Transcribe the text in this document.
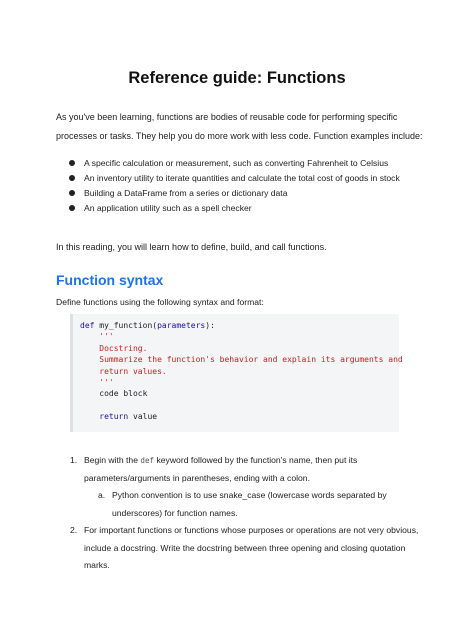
Reference guide: Functions

As you've been learning, functions are bodies of reusable code for performing specific processes or tasks. They help you do more work with less code. Function examples include:

A specific calculation or measurement, such as converting Fahrenheit to Celsius
An inventory utility to iterate quantities and calculate the total cost of goods in stock
Building a DataFrame from a series or dictionary data
An application utility such as a spell checker

In this reading, you will learn how to define, build, and call functions.

Function syntax

Define functions using the following syntax and format:

def my_function(parameters):
'''
Docstring.
Summarize the function's behavior and explain its arguments and
return values.
'''
code block

return value
1. Begin with the def keyword followed by the function's name, then put its parameters/arguments in parentheses, ending with a colon.
a. Python convention is to use snake_case (lowercase words separated by underscores) for function names.
2. For important functions or functions whose purposes or operations are not very obvious, include a docstring. Write the docstring between three opening and closing quotation marks.
